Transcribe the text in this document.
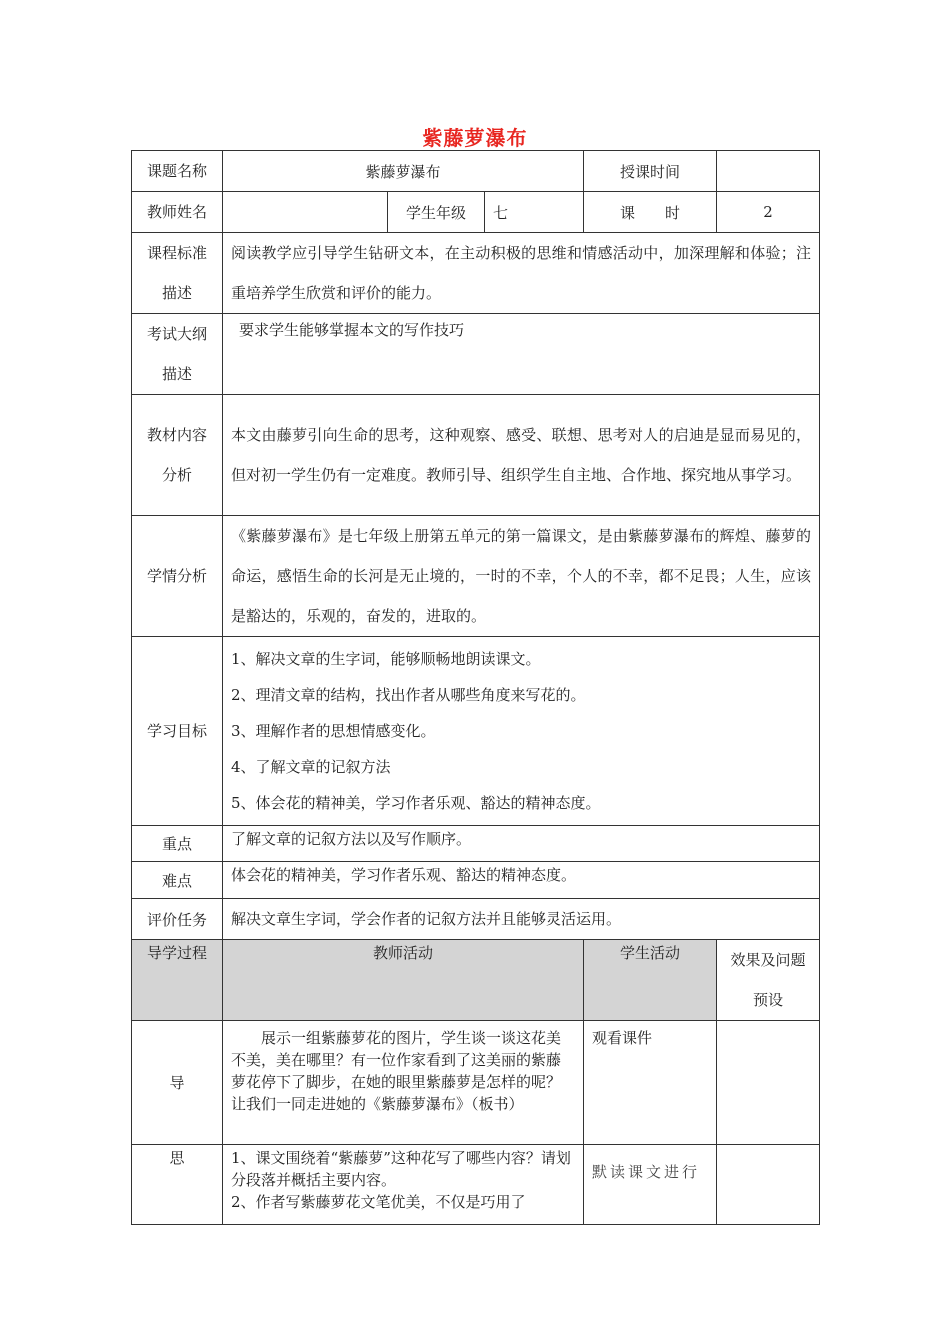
紫藤萝瀑布
课题名称	紫藤萝瀑布			授课时间	
教师姓名		学生年级	七	课　　时	2

课程标准
描述	阅读教学应引导学生钻研文本，在主动积极的思维和情感活动中，加深理解和体验；注重培养学生欣赏和评价的能力。				

考试大纲
描述	要求学生能够掌握本文的写作技巧				

教材内容
分析	本文由藤萝引向生命的思考，这种观察、感受、联想、思考对人的启迪是显而易见的，但对初一学生仍有一定难度。教师引导、组织学生自主地、合作地、探究地从事学习。				
学情分析	《紫藤萝瀑布》是七年级上册第五单元的第一篇课文，是由紫藤萝瀑布的辉煌、藤萝的命运，感悟生命的长河是无止境的，一时的不幸，个人的不幸，都不足畏；人生，应该是豁达的，乐观的，奋发的，进取的。				
学习目标	1、解决文章的生字词，能够顺畅地朗读课文。
2、理清文章的结构，找出作者从哪些角度来写花的。
3、理解作者的思想情感变化。
4、了解文章的记叙方法
5、体会花的精神美，学习作者乐观、豁达的精神态度。				

重点	了解文章的记叙方法以及写作顺序。				
难点	体会花的精神美，学习作者乐观、豁达的精神态度。				
评价任务	解决文章生字词，学会作者的记叙方法并且能够灵活运用。				
导学过程	教师活动			学生活动	效果及问题
预设

导	展示一组紫藤萝花的图片，学生谈一谈这花美不美，美在哪里？有一位作家看到了这美丽的紫藤萝花停下了脚步，在她的眼里紫藤萝是怎样的呢？让我们一同走进她的《紫藤萝瀑布》（板书）			观看课件	
思	1、课文围绕着“紫藤萝”这种花写了哪些内容？请划分段落并概括主要内容。
2、作者写紫藤萝花文笔优美，不仅是巧用了			默读课文进行	
